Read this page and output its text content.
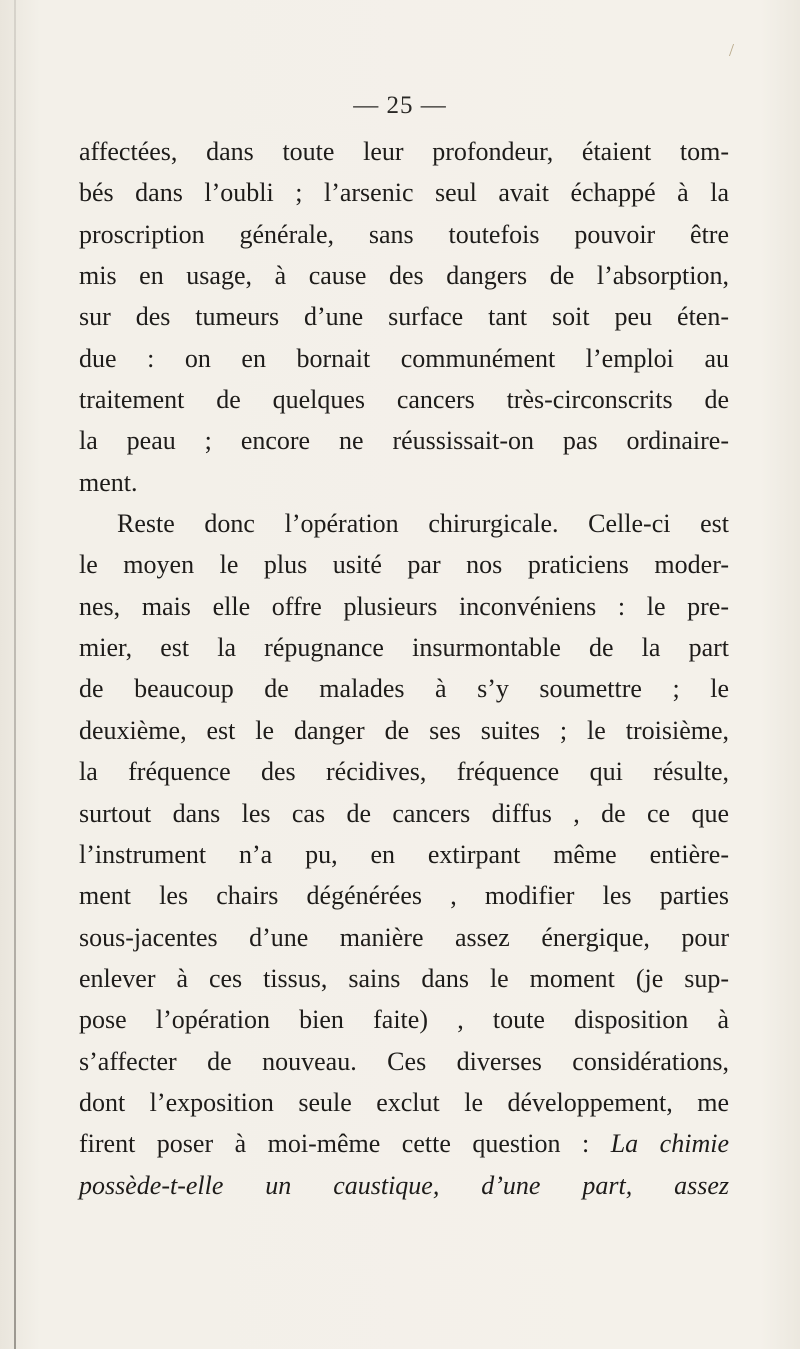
/
— 25 —
affectées, dans toute leur profondeur, étaient tom-
bés dans l’oubli ; l’arsenic seul avait échappé à la
proscription générale, sans toutefois pouvoir être
mis en usage, à cause des dangers de l’absorption,
sur des tumeurs d’une surface tant soit peu éten-
due : on en bornait communément l’emploi au
traitement de quelques cancers très-circonscrits de
la peau ; encore ne réussissait-on pas ordinaire-
ment.
Reste donc l’opération chirurgicale. Celle-ci est
le moyen le plus usité par nos praticiens moder-
nes, mais elle offre plusieurs inconvéniens : le pre-
mier, est la répugnance insurmontable de la part
de beaucoup de malades à s’y soumettre ; le
deuxième, est le danger de ses suites ; le troisième,
la fréquence des récidives, fréquence qui résulte,
surtout dans les cas de cancers diffus , de ce que
l’instrument n’a pu, en extirpant même entière-
ment les chairs dégénérées , modifier les parties
sous-jacentes d’une manière assez énergique, pour
enlever à ces tissus, sains dans le moment (je sup-
pose l’opération bien faite) , toute disposition à
s’affecter de nouveau. Ces diverses considérations,
dont l’exposition seule exclut le développement, me
firent poser à moi-même cette question : La chimie
possède-t-elle un caustique, d’une part, assez
